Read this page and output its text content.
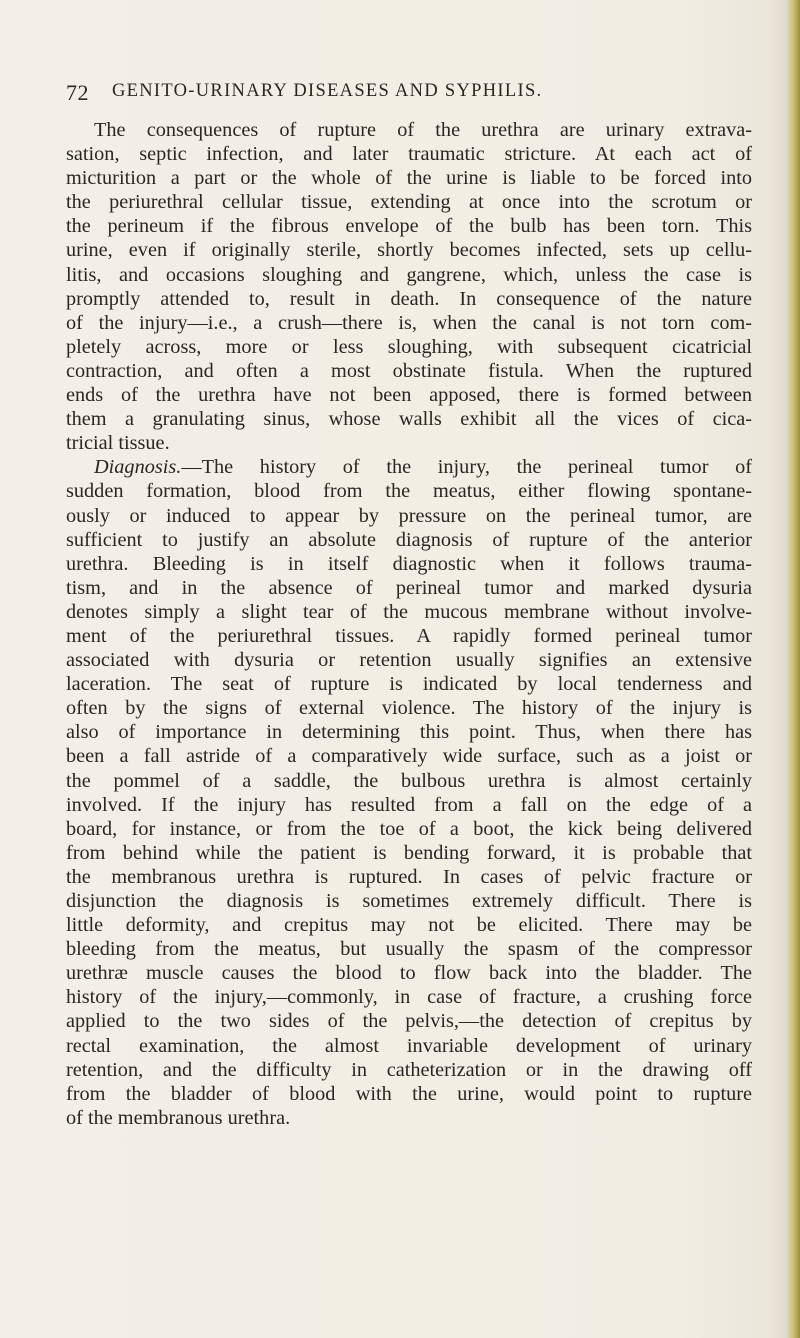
72 GENITO-URINARY DISEASES AND SYPHILIS.
The consequences of rupture of the urethra are urinary extrava-
sation, septic infection, and later traumatic stricture. At each act of
micturition a part or the whole of the urine is liable to be forced into
the periurethral cellular tissue, extending at once into the scrotum or
the perineum if the fibrous envelope of the bulb has been torn. This
urine, even if originally sterile, shortly becomes infected, sets up cellu-
litis, and occasions sloughing and gangrene, which, unless the case is
promptly attended to, result in death. In consequence of the nature
of the injury—i.e., a crush—there is, when the canal is not torn com-
pletely across, more or less sloughing, with subsequent cicatricial
contraction, and often a most obstinate fistula. When the ruptured
ends of the urethra have not been apposed, there is formed between
them a granulating sinus, whose walls exhibit all the vices of cica-
tricial tissue.
Diagnosis.—The history of the injury, the perineal tumor of
sudden formation, blood from the meatus, either flowing spontane-
ously or induced to appear by pressure on the perineal tumor, are
sufficient to justify an absolute diagnosis of rupture of the anterior
urethra. Bleeding is in itself diagnostic when it follows trauma-
tism, and in the absence of perineal tumor and marked dysuria
denotes simply a slight tear of the mucous membrane without involve-
ment of the periurethral tissues. A rapidly formed perineal tumor
associated with dysuria or retention usually signifies an extensive
laceration. The seat of rupture is indicated by local tenderness and
often by the signs of external violence. The history of the injury is
also of importance in determining this point. Thus, when there has
been a fall astride of a comparatively wide surface, such as a joist or
the pommel of a saddle, the bulbous urethra is almost certainly
involved. If the injury has resulted from a fall on the edge of a
board, for instance, or from the toe of a boot, the kick being delivered
from behind while the patient is bending forward, it is probable that
the membranous urethra is ruptured. In cases of pelvic fracture or
disjunction the diagnosis is sometimes extremely difficult. There is
little deformity, and crepitus may not be elicited. There may be
bleeding from the meatus, but usually the spasm of the compressor
urethræ muscle causes the blood to flow back into the bladder. The
history of the injury,—commonly, in case of fracture, a crushing force
applied to the two sides of the pelvis,—the detection of crepitus by
rectal examination, the almost invariable development of urinary
retention, and the difficulty in catheterization or in the drawing off
from the bladder of blood with the urine, would point to rupture
of the membranous urethra.
